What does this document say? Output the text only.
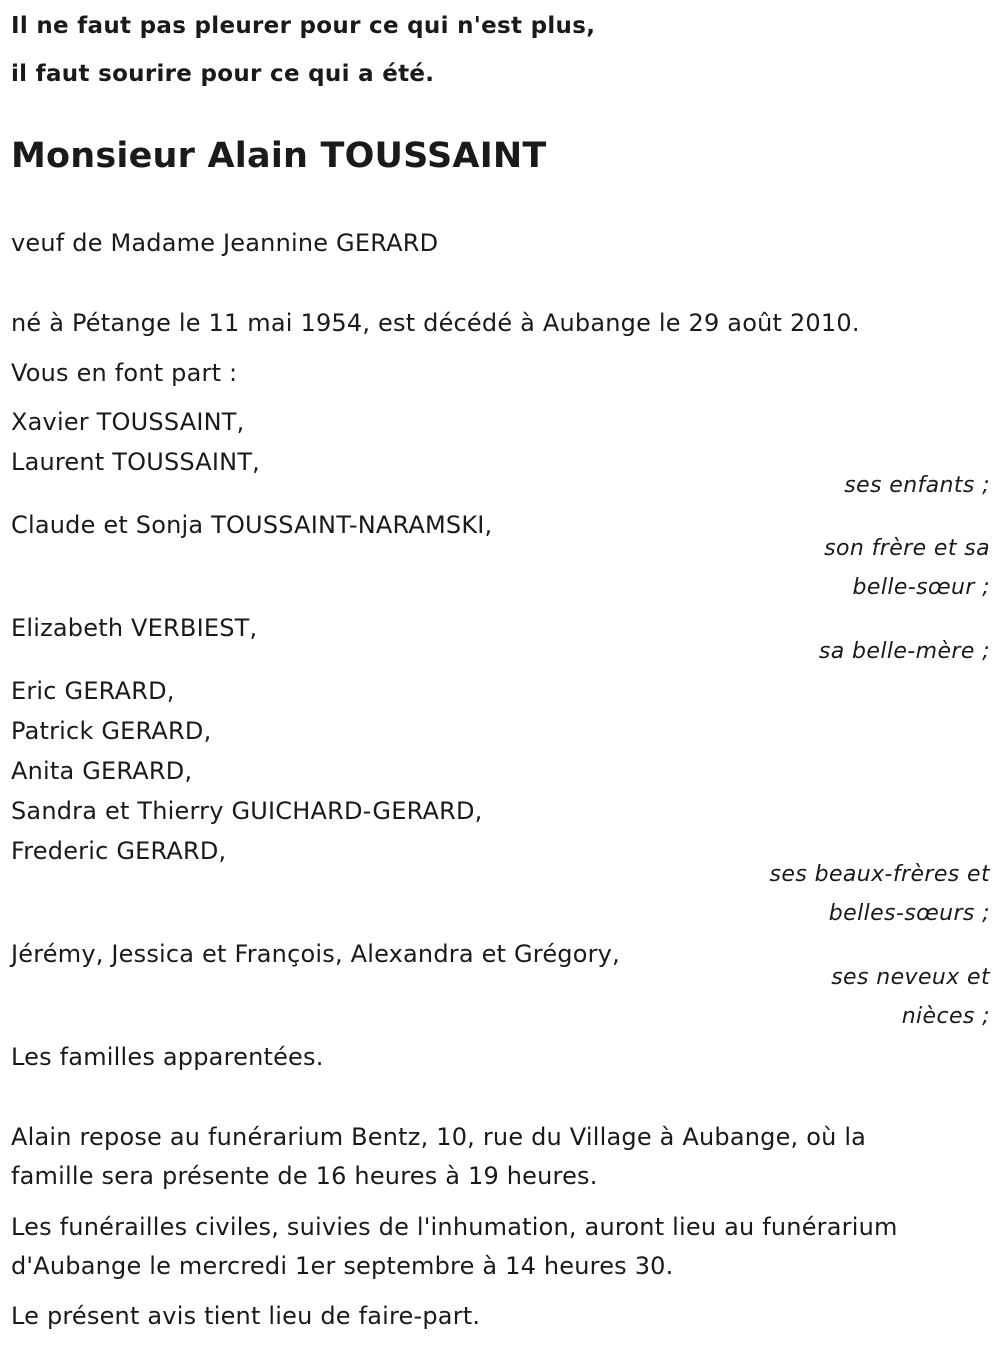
Il ne faut pas pleurer pour ce qui n'est plus,
il faut sourire pour ce qui a été.
Monsieur Alain TOUSSAINT
veuf de Madame Jeannine GERARD
né à Pétange le 11 mai 1954, est décédé à Aubange le 29 août 2010.
Vous en font part :
Xavier TOUSSAINT,
Laurent TOUSSAINT,
ses enfants ;
Claude et Sonja TOUSSAINT-NARAMSKI,
son frère et sa
belle-sœur ;
Elizabeth VERBIEST,
sa belle-mère ;
Eric GERARD,
Patrick GERARD,
Anita GERARD,
Sandra et Thierry GUICHARD-GERARD,
Frederic GERARD,
ses beaux-frères et
belles-sœurs ;
Jérémy, Jessica et François, Alexandra et Grégory,
ses neveux et
nièces ;
Les familles apparentées.
Alain repose au funérarium Bentz, 10, rue du Village à Aubange, où la
famille sera présente de 16 heures à 19 heures.
Les funérailles civiles, suivies de l'inhumation, auront lieu au funérarium
d'Aubange le mercredi 1er septembre à 14 heures 30.
Le présent avis tient lieu de faire-part.
